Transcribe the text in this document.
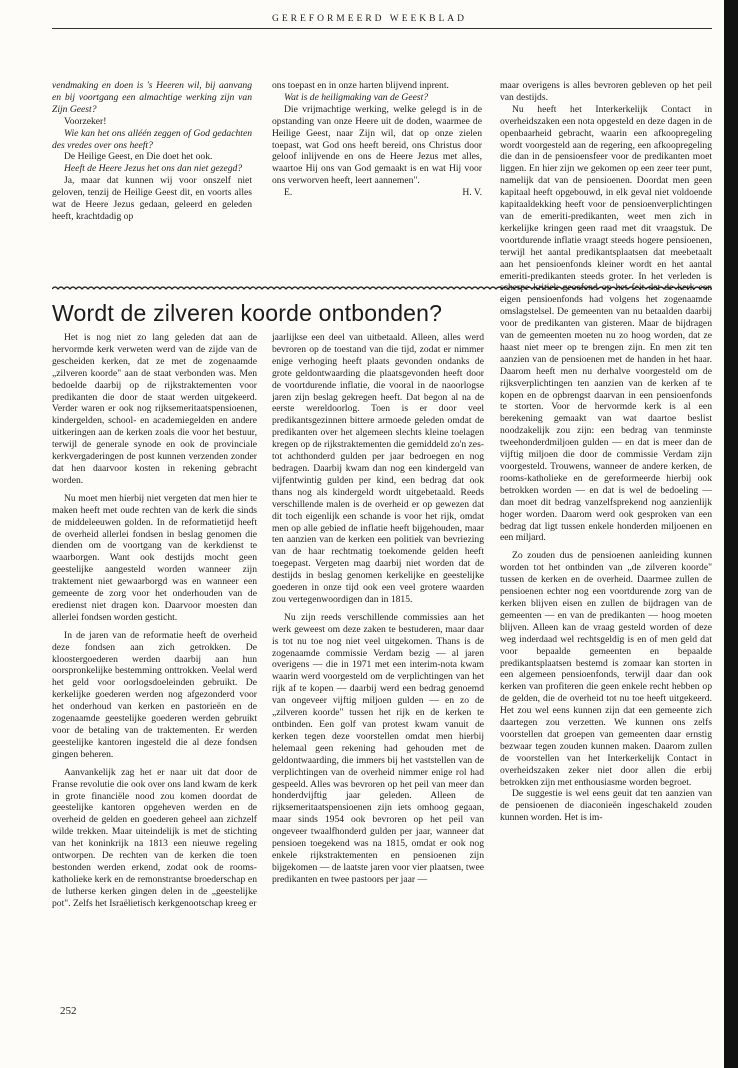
GEREFORMEERD WEEKBLAD

vendmaking en doen is 's Heeren wil, bij aanvang en bij voortgang een almachtige werking zijn van Zijn Geest?

Voorzeker!

Wie kan het ons alléén zeggen of God gedachten des vredes over ons heeft?

De Heilige Geest, en Die doet het ook.

Heeft de Heere Jezus het ons dan niet gezegd?

Ja, maar dat kunnen wij voor onszelf niet geloven, tenzij de Heilige Geest dit, en voorts alles wat de Heere Jezus gedaan, geleerd en geleden heeft, krachtdadig op

ons toepast en in onze harten blijvend inprent.

Wat is de heiligmaking van de Geest?

Die vrijmachtige werking, welke gelegd is in de opstanding van onze Heere uit de doden, waarmee de Heilige Geest, naar Zijn wil, dat op onze zielen toepast, wat God ons heeft bereid, ons Christus door geloof inlijvende en ons de Heere Jezus met alles, waartoe Hij ons van God gemaakt is en wat Hij voor ons verworven heeft, leert aannemen".

E.	H. V.

Wordt de zilveren koorde ontbonden?

Het is nog niet zo lang geleden dat aan de hervormde kerk verweten werd van de zijde van de gescheiden kerken, dat ze met de zogenaamde „zilveren koorde" aan de staat verbonden was. Men bedoelde daarbij op de rijkstraktementen voor predikanten die door de staat werden uitgekeerd. Verder waren er ook nog rijksemeritaatspensioenen, kindergelden, school- en academiegelden en andere uitkeringen aan de kerken zoals die voor het bestuur, terwijl de generale synode en ook de provinciale kerkvergaderingen de post kunnen verzenden zonder dat hen daarvoor kosten in rekening gebracht worden.

Nu moet men hierbij niet vergeten dat men hier te maken heeft met oude rechten van de kerk die sinds de middeleeuwen golden. In de reformatietijd heeft de overheid allerlei fondsen in beslag genomen die dienden om de voortgang van de kerkdienst te waarborgen. Want ook destijds mocht geen geestelijke aangesteld worden wanneer zijn traktement niet gewaarborgd was en wanneer een gemeente de zorg voor het onderhouden van de eredienst niet dragen kon. Daarvoor moesten dan allerlei fondsen worden gesticht.

In de jaren van de reformatie heeft de overheid deze fondsen aan zich getrokken. De kloostergoederen werden daarbij aan hun oorspronkelijke bestemming onttrokken. Veelal werd het geld voor oorlogsdoeleinden gebruikt. De kerkelijke goederen werden nog afgezonderd voor het onderhoud van kerken en pastorieën en de zogenaamde geestelijke goederen werden gebruikt voor de betaling van de traktementen. Er werden geestelijke kantoren ingesteld die al deze fondsen gingen beheren.

Aanvankelijk zag het er naar uit dat door de Franse revolutie die ook over ons land kwam de kerk in grote financiële nood zou komen doordat de geestelijke kantoren opgeheven werden en de overheid de gelden en goederen geheel aan zichzelf wilde trekken. Maar uiteindelijk is met de stichting van het koninkrijk na 1813 een nieuwe regeling ontworpen. De rechten van de kerken die toen bestonden werden erkend, zodat ook de rooms-katholieke kerk en de remonstrantse broederschap en de lutherse kerken gingen delen in de „geestelijke pot". Zelfs het Israëlietisch kerkgenootschap kreeg er

jaarlijkse een deel van uitbetaald. Alleen, alles werd bevroren op de toestand van die tijd, zodat er nimmer enige verhoging heeft plaats gevonden ondanks de grote geldontwaarding die plaatsgevonden heeft door de voortdurende inflatie, die vooral in de naoorlogse jaren zijn beslag gekregen heeft. Dat begon al na de eerste wereldoorlog. Toen is er door veel predikantsgezinnen bittere armoede geleden omdat de predikanten over het algemeen slechts kleine toelagen kregen op de rijkstraktementen die gemiddeld zo'n zes- tot achthonderd gulden per jaar bedroegen en nog bedragen. Daarbij kwam dan nog een kindergeld van vijfentwintig gulden per kind, een bedrag dat ook thans nog als kindergeld wordt uitgebetaald. Reeds verschillende malen is de overheid er op gewezen dat dit toch eigenlijk een schande is voor het rijk, omdat men op alle gebied de inflatie heeft bijgehouden, maar ten aanzien van de kerken een politiek van bevriezing van de haar rechtmatig toekomende gelden heeft toegepast. Vergeten mag daarbij niet worden dat de destijds in beslag genomen kerkelijke en geestelijke goederen in onze tijd ook een veel grotere waarden zou vertegenwoordigen dan in 1815.

Nu zijn reeds verschillende commissies aan het werk geweest om deze zaken te bestuderen, maar daar is tot nu toe nog niet veel uitgekomen. Thans is de zogenaamde commissie Verdam bezig — al jaren overigens — die in 1971 met een interim-nota kwam waarin werd voorgesteld om de verplichtingen van het rijk af te kopen — daarbij werd een bedrag genoemd van ongeveer vijftig miljoen gulden — en zo de „zilveren koorde" tussen het rijk en de kerken te ontbinden. Een golf van protest kwam vanuit de kerken tegen deze voorstellen omdat men hierbij helemaal geen rekening had gehouden met de geldontwaarding, die immers bij het vaststellen van de verplichtingen van de overheid nimmer enige rol had gespeeld. Alles was bevroren op het peil van meer dan honderdvijftig jaar geleden. Alleen de rijksemeritaatspensioenen zijn iets omhoog gegaan, maar sinds 1954 ook bevroren op het peil van ongeveer twaalfhonderd gulden per jaar, wanneer dat pensioen toegekend was na 1815, omdat er ook nog enkele rijkstraktementen en pensioenen zijn bijgekomen — de laatste jaren voor vier plaatsen, twee predikanten en twee pastoors per jaar —

maar overigens is alles bevroren gebleven op het peil van destijds.

Nu heeft het Interkerkelijk Contact in overheidszaken een nota opgesteld en deze dagen in de openbaarheid gebracht, waarin een afkoopregeling wordt voorgesteld aan de regering, een afkoopregeling die dan in de pensioensfeer voor de predikanten moet liggen. En hier zijn we gekomen op een zeer teer punt, namelijk dat van de pensioenen. Doordat men geen kapitaal heeft opgebouwd, in elk geval niet voldoende kapitaaldekking heeft voor de pensioenverplichtingen van de emeriti-predikanten, weet men zich in kerkelijke kringen geen raad met dit vraagstuk. De voortdurende inflatie vraagt steeds hogere pensioenen, terwijl het aantal predikantsplaatsen dat meebetaalt aan het pensioenfonds kleiner wordt en het aantal emeriti-predikanten steeds groter. In het verleden is scherpe kritiek geoefend op het feit dat de kerk een eigen pensioenfonds had volgens het zogenaamde omslagstelsel. De gemeenten van nu betaalden daarbij voor de predikanten van gisteren. Maar de bijdragen van de gemeenten moeten nu zo hoog worden, dat ze haast niet meer op te brengen zijn. En men zit ten aanzien van de pensioenen met de handen in het haar. Daarom heeft men nu derhalve voorgesteld om de rijksverplichtingen ten aanzien van de kerken af te kopen en de opbrengst daarvan in een pensioenfonds te storten. Voor de hervormde kerk is al een berekening gemaakt van wat daartoe beslist noodzakelijk zou zijn: een bedrag van tenminste tweehonderdmiljoen gulden — en dat is meer dan de vijftig miljoen die door de commissie Verdam zijn voorgesteld. Trouwens, wanneer de andere kerken, de rooms-katholieke en de gereformeerde hierbij ook betrokken worden — en dat is wel de bedoeling — dan moet dit bedrag vanzelfsprekend nog aanzienlijk hoger worden. Daarom werd ook gesproken van een bedrag dat ligt tussen enkele honderden miljoenen en een miljard.

Zo zouden dus de pensioenen aanleiding kunnen worden tot het ontbinden van „de zilveren koorde" tussen de kerken en de overheid. Daarmee zullen de pensioenen echter nog een voortdurende zorg van de kerken blijven eisen en zullen de bijdragen van de gemeenten — en van de predikanten — hoog moeten blijven. Alleen kan de vraag gesteld worden of deze weg inderdaad wel rechtsgeldig is en of men geld dat voor bepaalde gemeenten en bepaalde predikantsplaatsen bestemd is zomaar kan storten in een algemeen pensioenfonds, terwijl daar dan ook kerken van profiteren die geen enkele recht hebben op de gelden, die de overheid tot nu toe heeft uitgekeerd. Het zou wel eens kunnen zijn dat een gemeente zich daartegen zou verzetten. We kunnen ons zelfs voorstellen dat groepen van gemeenten daar ernstig bezwaar tegen zouden kunnen maken. Daarom zullen de voorstellen van het Interkerkelijk Contact in overheidszaken zeker niet door allen die erbij betrokken zijn met enthousiasme worden begroet.

De suggestie is wel eens geuit dat ten aanzien van de pensioenen de diaconieën ingeschakeld zouden kunnen worden. Het is im-

252
